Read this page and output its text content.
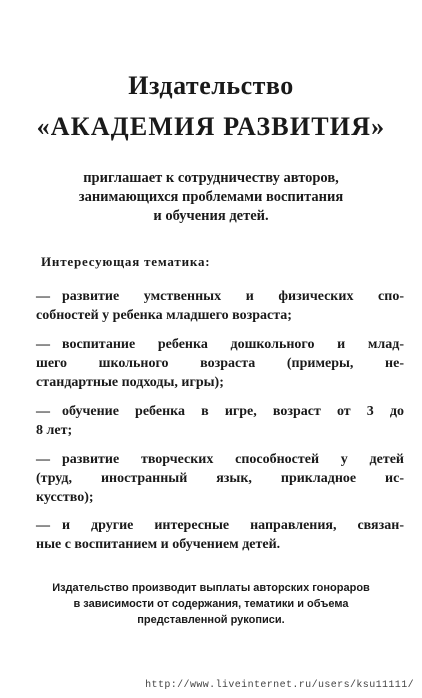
Издательство
«АКАДЕМИЯ РАЗВИТИЯ»
приглашает к сотрудничеству авторов,
занимающихся проблемами воспитания
и обучения детей.
Интересующая тематика:
— развитие умственных и физических спо-
собностей у ребенка младшего возраста;
— воспитание ребенка дошкольного и млад-
шего школьного возраста (примеры, не-
стандартные подходы, игры);
— обучение ребенка в игре, возраст от 3 до
8 лет;
— развитие творческих способностей у детей
(труд, иностранный язык, прикладное ис-
кусство);
— и другие интересные направления, связан-
ные с воспитанием и обучением детей.
Издательство производит выплаты авторских гонораров
в зависимости от содержания, тематики и объема
представленной рукописи.
http://www.liveinternet.ru/users/ksu11111/
